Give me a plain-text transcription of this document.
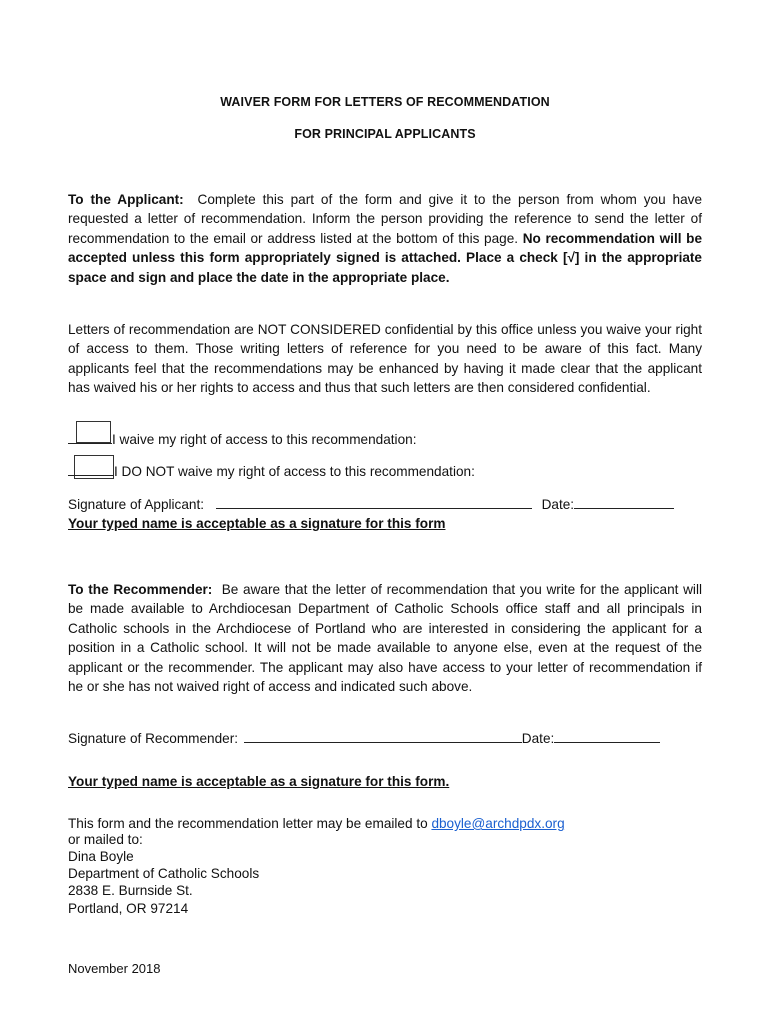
WAIVER FORM FOR LETTERS OF RECOMMENDATION
FOR PRINCIPAL APPLICANTS
To the Applicant: Complete this part of the form and give it to the person from whom you have requested a letter of recommendation. Inform the person providing the reference to send the letter of recommendation to the email or address listed at the bottom of this page. No recommendation will be accepted unless this form appropriately signed is attached. Place a check [√] in the appropriate space and sign and place the date in the appropriate place.
Letters of recommendation are NOT CONSIDERED confidential by this office unless you waive your right of access to them. Those writing letters of reference for you need to be aware of this fact. Many applicants feel that the recommendations may be enhanced by having it made clear that the applicant has waived his or her rights to access and thus that such letters are then considered confidential.
I waive my right of access to this recommendation:
I DO NOT waive my right of access to this recommendation:
Signature of Applicant:	Date:
Your typed name is acceptable as a signature for this form
To the Recommender: Be aware that the letter of recommendation that you write for the applicant will be made available to Archdiocesan Department of Catholic Schools office staff and all principals in Catholic schools in the Archdiocese of Portland who are interested in considering the applicant for a position in a Catholic school. It will not be made available to anyone else, even at the request of the applicant or the recommender. The applicant may also have access to your letter of recommendation if he or she has not waived right of access and indicated such above.
Signature of Recommender:	Date:
Your typed name is acceptable as a signature for this form.
This form and the recommendation letter may be emailed to dboyle@archdpdx.org
or mailed to:
Dina Boyle
Department of Catholic Schools
2838 E. Burnside St.
Portland, OR 97214
November 2018
